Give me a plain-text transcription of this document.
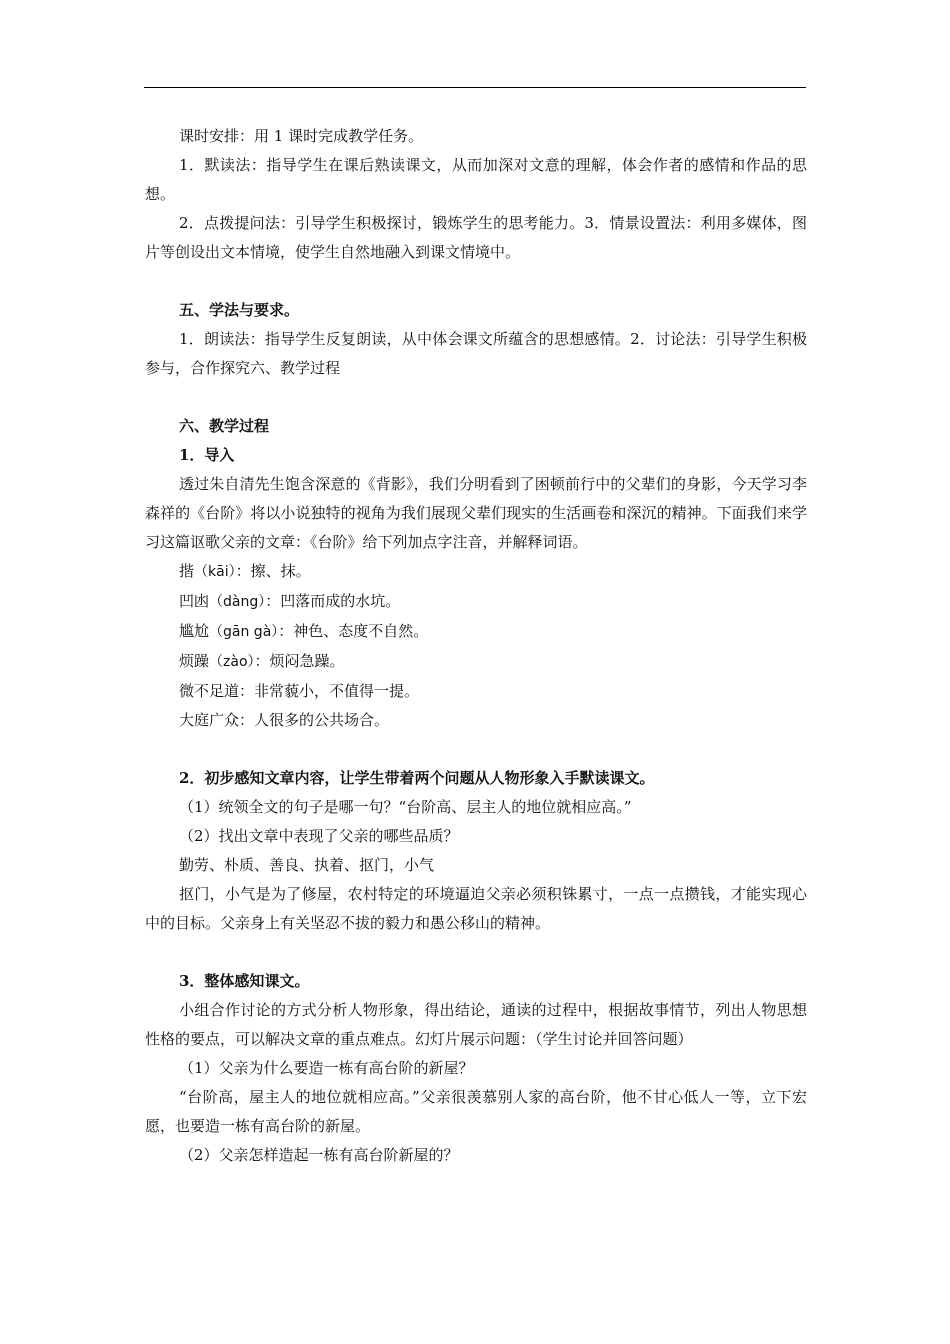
课时安排：用 1 课时完成教学任务。

1．默读法：指导学生在课后熟读课文，从而加深对文意的理解，体会作者的感情和作品的思想。

2．点拨提问法：引导学生积极探讨，锻炼学生的思考能力。3．情景设置法：利用多媒体，图片等创设出文本情境，使学生自然地融入到课文情境中。

五、学法与要求。

1．朗读法：指导学生反复朗读，从中体会课文所蕴含的思想感情。2．讨论法：引导学生积极参与，合作探究六、教学过程

六、教学过程

1．导入

透过朱自清先生饱含深意的《背影》，我们分明看到了困顿前行中的父辈们的身影，今天学习李森祥的《台阶》将以小说独特的视角为我们展现父辈们现实的生活画卷和深沉的精神。下面我们来学习这篇讴歌父亲的文章：《台阶》给下列加点字注音，并解释词语。

揩（kāi）：擦、抹。

凹凼（dàng）：凹落而成的水坑。

尴尬（gān gà）：神色、态度不自然。

烦躁（zào）：烦闷急躁。

微不足道：非常藐小，不值得一提。

大庭广众：人很多的公共场合。

2．初步感知文章内容，让学生带着两个问题从人物形象入手默读课文。

（1）统领全文的句子是哪一句？“台阶高、层主人的地位就相应高。”

（2）找出文章中表现了父亲的哪些品质？

勤劳、朴质、善良、执着、抠门，小气

抠门，小气是为了修屋，农村特定的环境逼迫父亲必须积铢累寸，一点一点攒钱，才能实现心中的目标。父亲身上有关坚忍不拔的毅力和愚公移山的精神。

3．整体感知课文。

小组合作讨论的方式分析人物形象，得出结论，通读的过程中，根据故事情节，列出人物思想性格的要点，可以解决文章的重点难点。幻灯片展示问题：（学生讨论并回答问题）

（1）父亲为什么要造一栋有高台阶的新屋？

“台阶高，屋主人的地位就相应高。”父亲很羡慕别人家的高台阶，他不甘心低人一等，立下宏愿，也要造一栋有高台阶的新屋。

（2）父亲怎样造起一栋有高台阶新屋的？
